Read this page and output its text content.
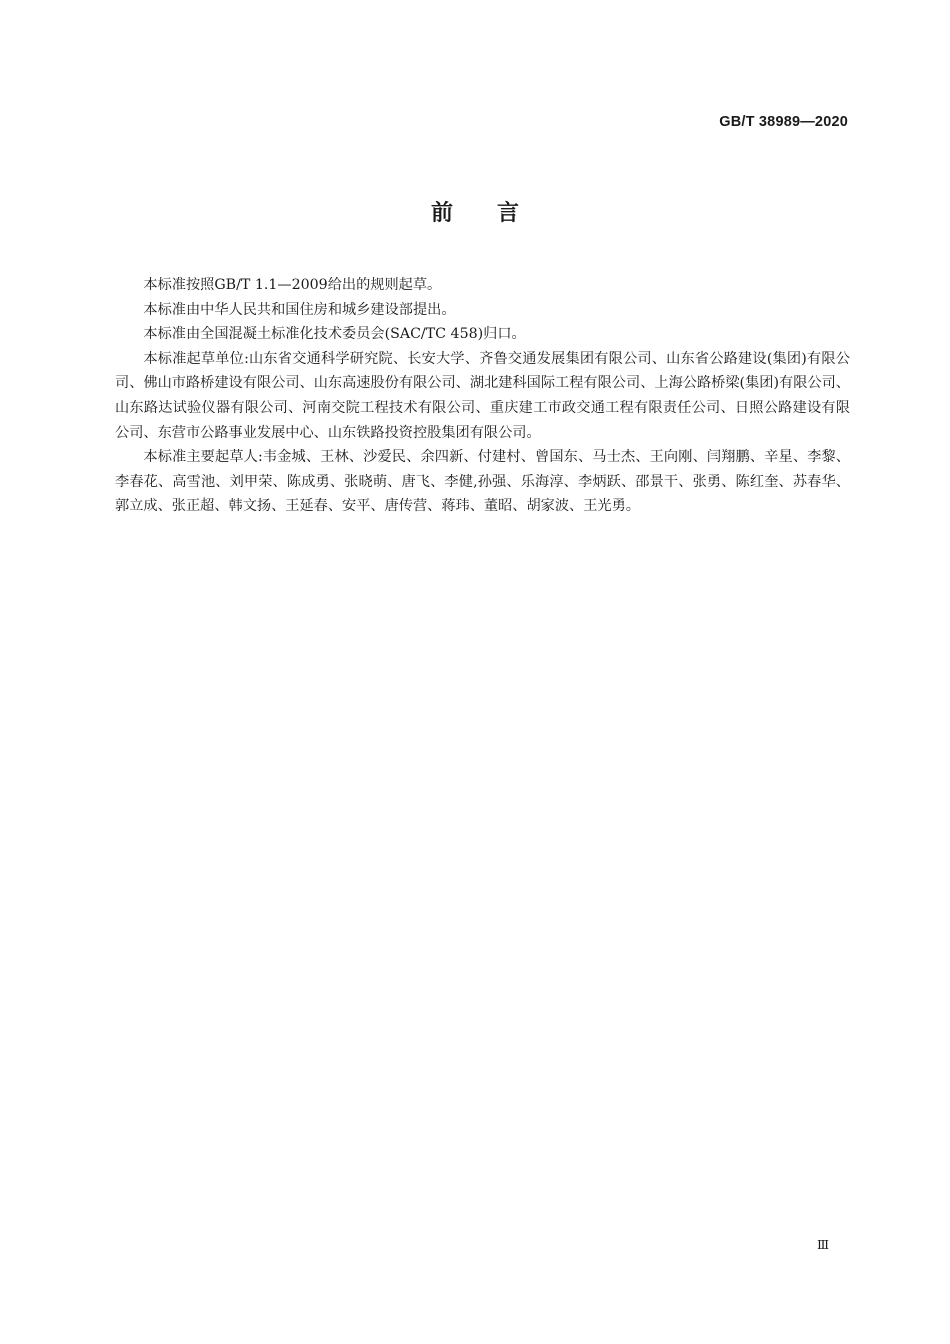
GB/T 38989—2020
前言

本标准按照GB/T 1.1—2009给出的规则起草。

本标准由中华人民共和国住房和城乡建设部提出。

本标准由全国混凝土标准化技术委员会(SAC/TC 458)归口。

本标准起草单位:山东省交通科学研究院、长安大学、齐鲁交通发展集团有限公司、山东省公路建设(集团)有限公司、佛山市路桥建设有限公司、山东高速股份有限公司、湖北建科国际工程有限公司、上海公路桥梁(集团)有限公司、山东路达试验仪器有限公司、河南交院工程技术有限公司、重庆建工市政交通工程有限责任公司、日照公路建设有限公司、东营市公路事业发展中心、山东铁路投资控股集团有限公司。

本标准主要起草人:韦金城、王林、沙爱民、余四新、付建村、曾国东、马士杰、王向刚、闫翔鹏、辛星、李黎、李春花、高雪池、刘甲荣、陈成勇、张晓萌、唐飞、李健,孙强、乐海淳、李炳跃、邵景干、张勇、陈红奎、苏春华、郭立成、张正超、韩文扬、王延春、安平、唐传营、蒋玮、董昭、胡家波、王光勇。

Ⅲ
